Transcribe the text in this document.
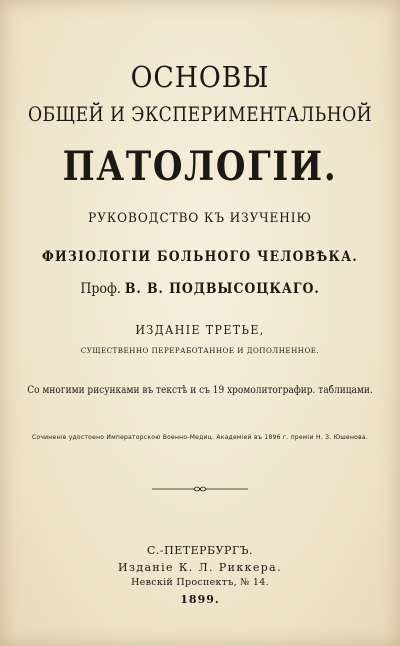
ОСНОВЫ
ОБЩЕЙ И ЭКСПЕРИМЕНТАЛЬНОЙ
ПАТОЛОГІИ.
РУКОВОДСТВО КЪ ИЗУЧЕНІЮ
ФИЗІОЛОГІИ БОЛЬНОГО ЧЕЛОВѢКА.
Проф. В. В. ПОДВЫСОЦКАГО.
ИЗДАНІЕ ТРЕТЬЕ,
СУЩЕСТВЕННО ПЕРЕРАБОТАННОЕ И ДОПОЛНЕННОЕ.
Со многими рисунками въ текстѣ и съ 19 хромолитографир. таблицами.
Сочиненіе удостоено Императорскою Военно-Медиц. Академіей въ 1896 г. преміи Н. З. Юшенова.
С.-ПЕТЕРБУРГЪ.
Изданіе К. Л. Риккера.
Невскій Проспектъ, № 14.
1899.
